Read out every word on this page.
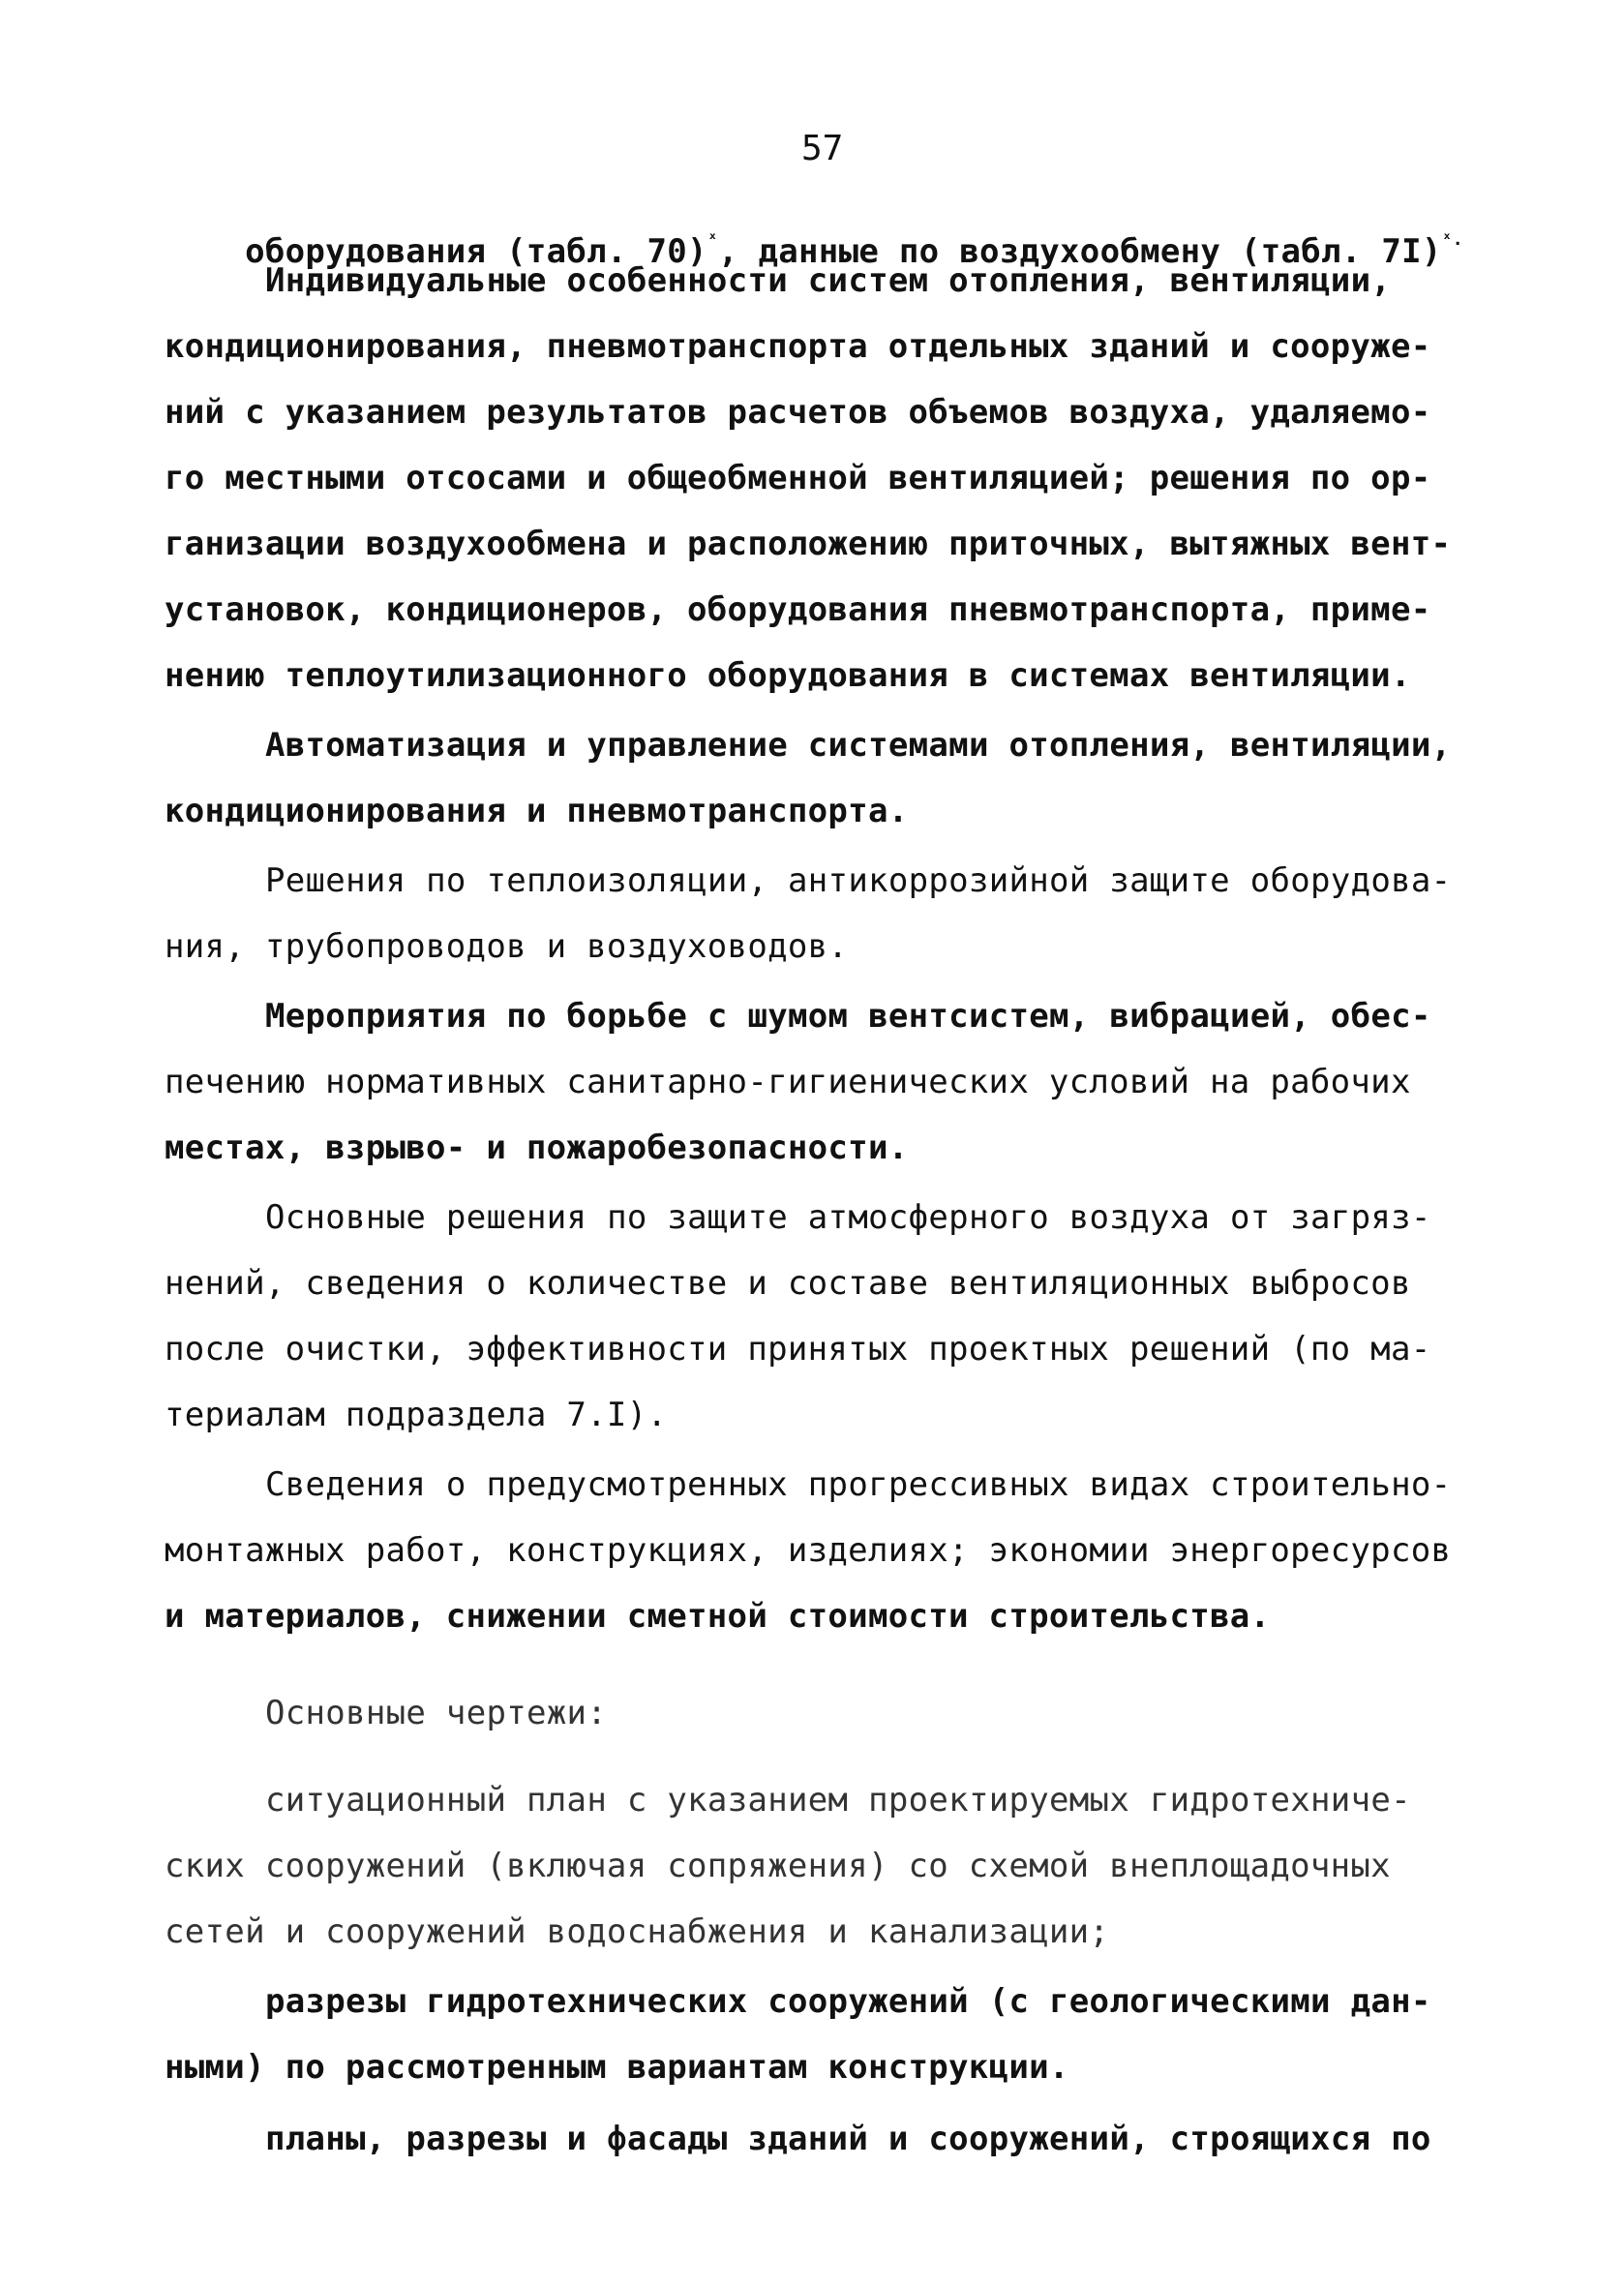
57

оборудования (табл. 70)$^ˣ$, данные по воздухообмену (табл. 7I)$^{ˣ.}$

Индивидуальные особенности систем отопления, вентиляции,
кондиционирования, пневмотранспорта отдельных зданий и сооруже-
ний с указанием результатов расчетов объемов воздуха, удаляемо-
го местными отсосами и общеобменной вентиляцией; решения по ор-
ганизации воздухообмена и расположению приточных, вытяжных вент-
установок, кондиционеров, оборудования пневмотранспорта, приме-
нению теплоутилизационного оборудования в системах вентиляции.
Автоматизация и управление системами отопления, вентиляции,
кондиционирования и пневмотранспорта.
Решения по теплоизоляции, антикоррозийной защите оборудова-
ния, трубопроводов и воздуховодов.
Мероприятия по борьбе с шумом вентсистем, вибрацией, обес-
печению нормативных санитарно-гигиенических условий на рабочих
местах, взрыво- и пожаробезопасности.
Основные решения по защите атмосферного воздуха от загряз-
нений, сведения о количестве и составе вентиляционных выбросов
после очистки, эффективности принятых проектных решений (по ма-
териалам подраздела 7.I).
Сведения о предусмотренных прогрессивных видах строительно-
монтажных работ, конструкциях, изделиях; экономии энергоресурсов
и материалов, снижении сметной стоимости строительства.
Основные чертежи:
ситуационный план с указанием проектируемых гидротехниче-
ских сооружений (включая сопряжения) со схемой внеплощадочных
сетей и сооружений водоснабжения и канализации;
разрезы гидротехнических сооружений (с геологическими дан-
ными) по рассмотренным вариантам конструкции.
планы, разрезы и фасады зданий и сооружений, строящихся по
